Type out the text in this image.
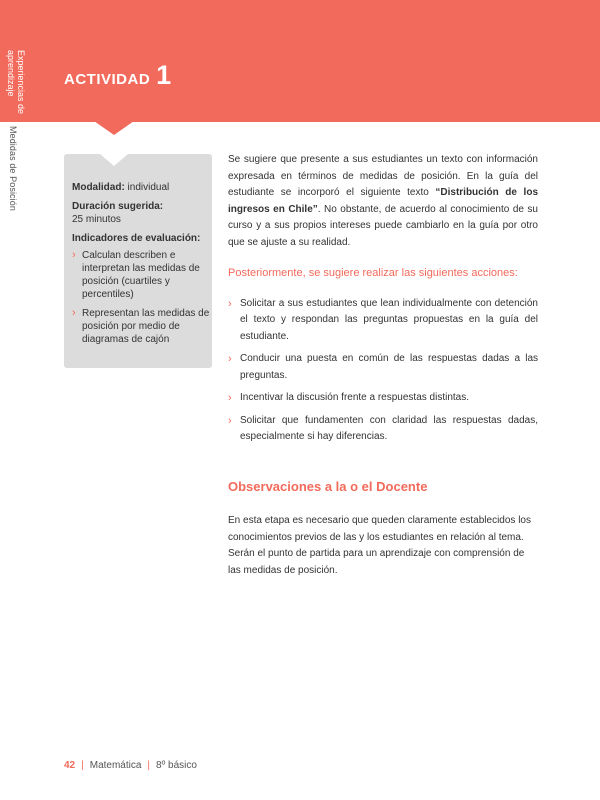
Experiencias de aprendizaje
Medidas de Posición
ACTIVIDAD 1
Modalidad: individual
Duración sugerida:
25 minutos
Indicadores de evaluación:
› Calculan describen e interpretan las medidas de posición (cuartiles y percentiles)
› Representan las medidas de posición por medio de diagramas de cajón

Se sugiere que presente a sus estudiantes un texto con información expresada en términos de medidas de posición. En la guía del estudiante se incorporó el siguiente texto “Distribución de los ingresos en Chile”. No obstante, de acuerdo al conocimiento de su curso y a sus propios intereses puede cambiarlo en la guía por otro que se ajuste a su realidad.

Posteriormente, se sugiere realizar las siguientes acciones:
› Solicitar a sus estudiantes que lean individualmente con detención el texto y respondan las preguntas propuestas en la guía del estudiante.
› Conducir una puesta en común de las respuestas dadas a las preguntas.
› Incentivar la discusión frente a respuestas distintas.
› Solicitar que fundamenten con claridad las respuestas dadas, especialmente si hay diferencias.
Observaciones a la o el Docente

En esta etapa es necesario que queden claramente establecidos los conocimientos previos de las y los estudiantes en relación al tema. Serán el punto de partida para un aprendizaje con comprensión de las medidas de posición.

42 | Matemática | 8º básico
